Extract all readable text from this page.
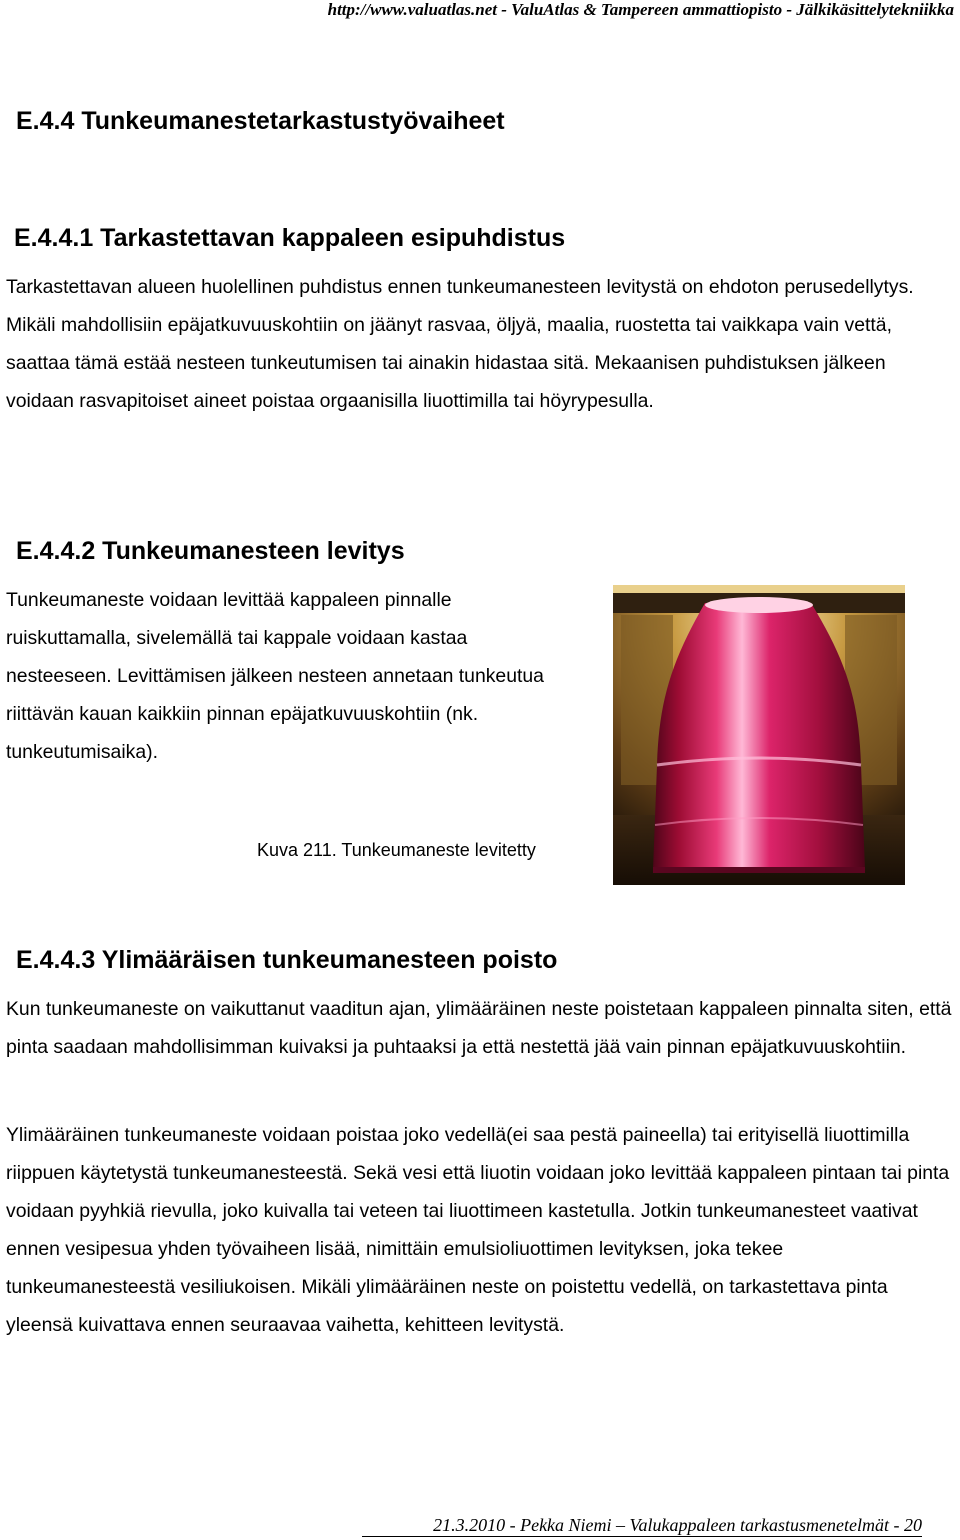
http://www.valuatlas.net - ValuAtlas & Tampereen ammattiopisto - Jälkikäsittelytekniikka
E.4.4 Tunkeumanestetarkastustyövaiheet
E.4.4.1 Tarkastettavan kappaleen esipuhdistus

Tarkastettavan alueen huolellinen puhdistus ennen tunkeumanesteen levitystä on ehdoton perusedellytys. Mikäli mahdollisiin epäjatkuvuuskohtiin on jäänyt rasvaa, öljyä, maalia, ruostetta tai vaikkapa vain vettä, saattaa tämä estää nesteen tunkeutumisen tai ainakin hidastaa sitä. Mekaanisen puhdistuksen jälkeen voidaan rasvapitoiset aineet poistaa orgaanisilla liuottimilla tai höyrypesulla.

E.4.4.2 Tunkeumanesteen levitys

Tunkeumaneste voidaan levittää kappaleen pinnalle ruiskuttamalla, sivelemällä tai kappale voidaan kastaa nesteeseen. Levittämisen jälkeen nesteen annetaan tunkeutua riittävän kauan kaikkiin pinnan epäjatkuvuuskohtiin (nk. tunkeutumisaika).

Kuva 211. Tunkeumaneste levitetty
E.4.4.3 Ylimääräisen tunkeumanesteen poisto

Kun tunkeumaneste on vaikuttanut vaaditun ajan, ylimääräinen neste poistetaan kappaleen pinnalta siten, että pinta saadaan mahdollisimman kuivaksi ja puhtaaksi ja että nestettä jää vain pinnan epäjatkuvuuskohtiin.

Ylimääräinen tunkeumaneste voidaan poistaa joko vedellä(ei saa pestä paineella) tai erityisellä liuottimilla riippuen käytetystä tunkeumanesteestä. Sekä vesi että liuotin voidaan joko levittää kappaleen pintaan tai pinta voidaan pyyhkiä rievulla, joko kuivalla tai veteen tai liuottimeen kastetulla. Jotkin tunkeumanesteet vaativat ennen vesipesua yhden työvaiheen lisää, nimittäin emulsioliuottimen levityksen, joka tekee tunkeumanesteestä vesiliukoisen. Mikäli ylimääräinen neste on poistettu vedellä, on tarkastettava pinta yleensä kuivattava ennen seuraavaa vaihetta, kehitteen levitystä.

21.3.2010 - Pekka Niemi – Valukappaleen tarkastusmenetelmät - 20
